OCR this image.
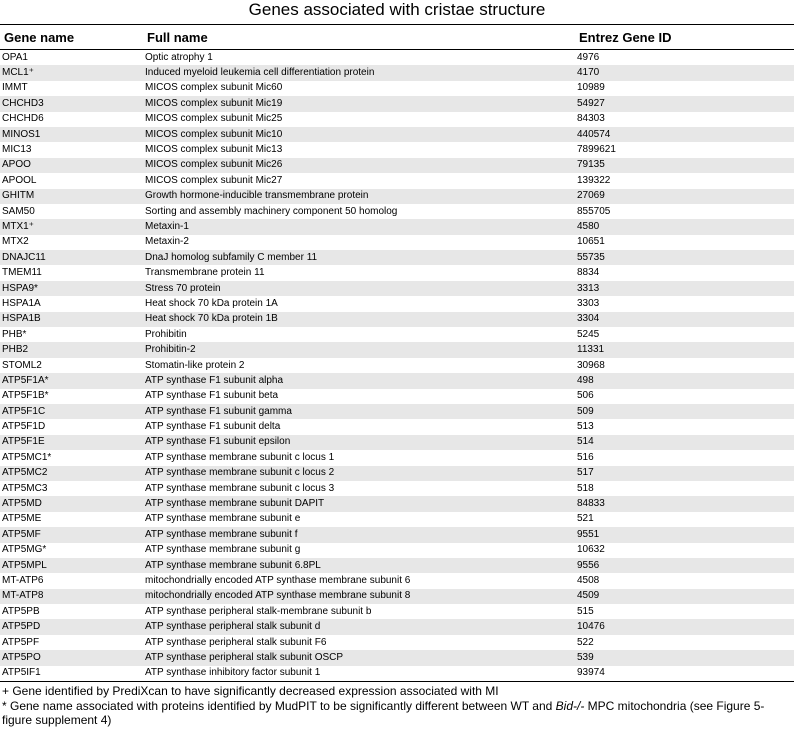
Genes associated with cristae structure
Gene name	Full name	Entrez Gene ID
OPA1	Optic atrophy 1	4976
MCL1⁺	Induced myeloid leukemia cell differentiation protein	4170
IMMT	MICOS complex subunit Mic60	10989
CHCHD3	MICOS complex subunit Mic19	54927
CHCHD6	MICOS complex subunit Mic25	84303
MINOS1	MICOS complex subunit Mic10	440574
MIC13	MICOS complex subunit Mic13	7899621
APOO	MICOS complex subunit Mic26	79135
APOOL	MICOS complex subunit Mic27	139322
GHITM	Growth hormone-inducible transmembrane protein	27069
SAM50	Sorting and assembly machinery component 50 homolog	855705
MTX1⁺	Metaxin-1	4580
MTX2	Metaxin-2	10651
DNAJC11	DnaJ homolog subfamily C member 11	55735
TMEM11	Transmembrane protein 11	8834
HSPA9*	Stress 70 protein	3313
HSPA1A	Heat shock 70 kDa protein 1A	3303
HSPA1B	Heat shock 70 kDa protein 1B	3304
PHB*	Prohibitin	5245
PHB2	Prohibitin-2	11331
STOML2	Stomatin-like protein 2	30968
ATP5F1A*	ATP synthase F1 subunit alpha	498
ATP5F1B*	ATP synthase F1 subunit beta	506
ATP5F1C	ATP synthase F1 subunit gamma	509
ATP5F1D	ATP synthase F1 subunit delta	513
ATP5F1E	ATP synthase F1 subunit epsilon	514
ATP5MC1*	ATP synthase membrane subunit c locus 1	516
ATP5MC2	ATP synthase membrane subunit c locus 2	517
ATP5MC3	ATP synthase membrane subunit c locus 3	518
ATP5MD	ATP synthase membrane subunit DAPIT	84833
ATP5ME	ATP synthase membrane subunit e	521
ATP5MF	ATP synthase membrane subunit f	9551
ATP5MG*	ATP synthase membrane subunit g	10632
ATP5MPL	ATP synthase membrane subunit 6.8PL	9556
MT-ATP6	mitochondrially encoded ATP synthase membrane subunit 6	4508
MT-ATP8	mitochondrially encoded ATP synthase membrane subunit 8	4509
ATP5PB	ATP synthase peripheral stalk-membrane subunit b	515
ATP5PD	ATP synthase peripheral stalk subunit d	10476
ATP5PF	ATP synthase peripheral stalk subunit F6	522
ATP5PO	ATP synthase peripheral stalk subunit OSCP	539
ATP5IF1	ATP synthase inhibitory factor subunit 1	93974

+ Gene identified by PrediXcan to have significantly decreased expression associated with MI

* Gene name associated with proteins identified by MudPIT to be significantly different between WT and Bid-/- MPC mitochondria (see Figure 5-figure supplement 4)
